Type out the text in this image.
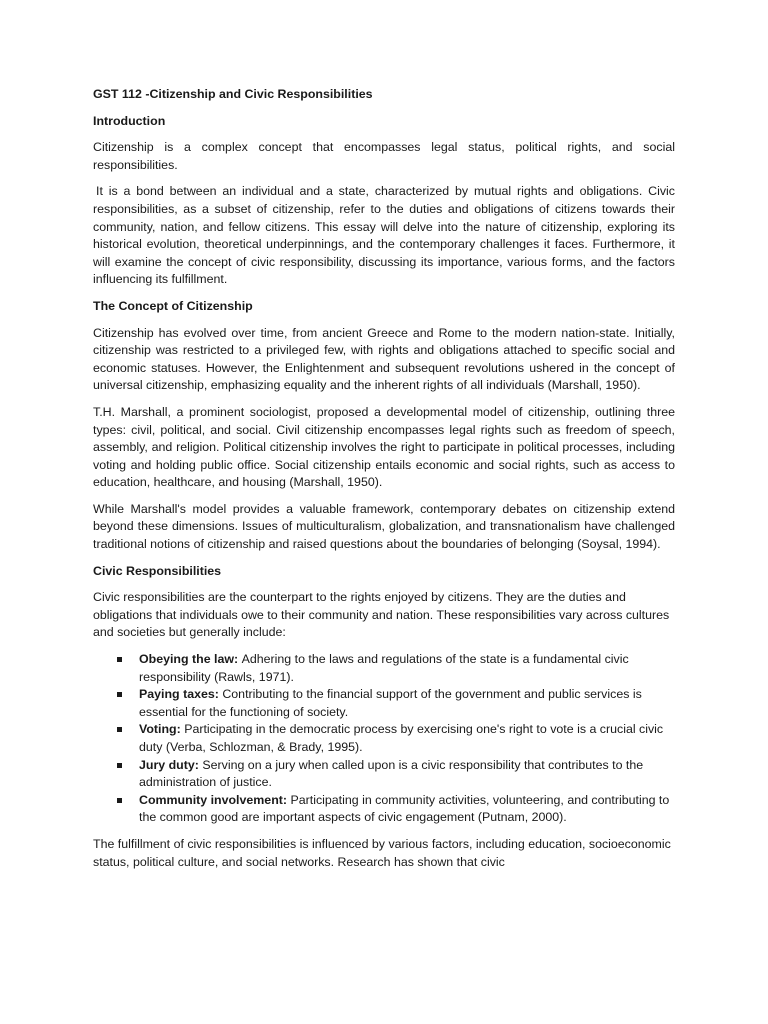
GST 112 -Citizenship and Civic Responsibilities
Introduction

Citizenship is a complex concept that encompasses legal status, political rights, and social responsibilities.

It is a bond between an individual and a state, characterized by mutual rights and obligations. Civic responsibilities, as a subset of citizenship, refer to the duties and obligations of citizens towards their community, nation, and fellow citizens. This essay will delve into the nature of citizenship, exploring its historical evolution, theoretical underpinnings, and the contemporary challenges it faces. Furthermore, it will examine the concept of civic responsibility, discussing its importance, various forms, and the factors influencing its fulfillment.

The Concept of Citizenship

Citizenship has evolved over time, from ancient Greece and Rome to the modern nation-state. Initially, citizenship was restricted to a privileged few, with rights and obligations attached to specific social and economic statuses. However, the Enlightenment and subsequent revolutions ushered in the concept of universal citizenship, emphasizing equality and the inherent rights of all individuals (Marshall, 1950).

T.H. Marshall, a prominent sociologist, proposed a developmental model of citizenship, outlining three types: civil, political, and social. Civil citizenship encompasses legal rights such as freedom of speech, assembly, and religion. Political citizenship involves the right to participate in political processes, including voting and holding public office. Social citizenship entails economic and social rights, such as access to education, healthcare, and housing (Marshall, 1950).

While Marshall's model provides a valuable framework, contemporary debates on citizenship extend beyond these dimensions. Issues of multiculturalism, globalization, and transnationalism have challenged traditional notions of citizenship and raised questions about the boundaries of belonging (Soysal, 1994).

Civic Responsibilities

Civic responsibilities are the counterpart to the rights enjoyed by citizens. They are the duties and obligations that individuals owe to their community and nation. These responsibilities vary across cultures and societies but generally include:

Obeying the law: Adhering to the laws and regulations of the state is a fundamental civic responsibility (Rawls, 1971).
Paying taxes: Contributing to the financial support of the government and public services is essential for the functioning of society.
Voting: Participating in the democratic process by exercising one's right to vote is a crucial civic duty (Verba, Schlozman, & Brady, 1995).
Jury duty: Serving on a jury when called upon is a civic responsibility that contributes to the administration of justice.
Community involvement: Participating in community activities, volunteering, and contributing to the common good are important aspects of civic engagement (Putnam, 2000).

The fulfillment of civic responsibilities is influenced by various factors, including education, socioeconomic status, political culture, and social networks. Research has shown that civic
